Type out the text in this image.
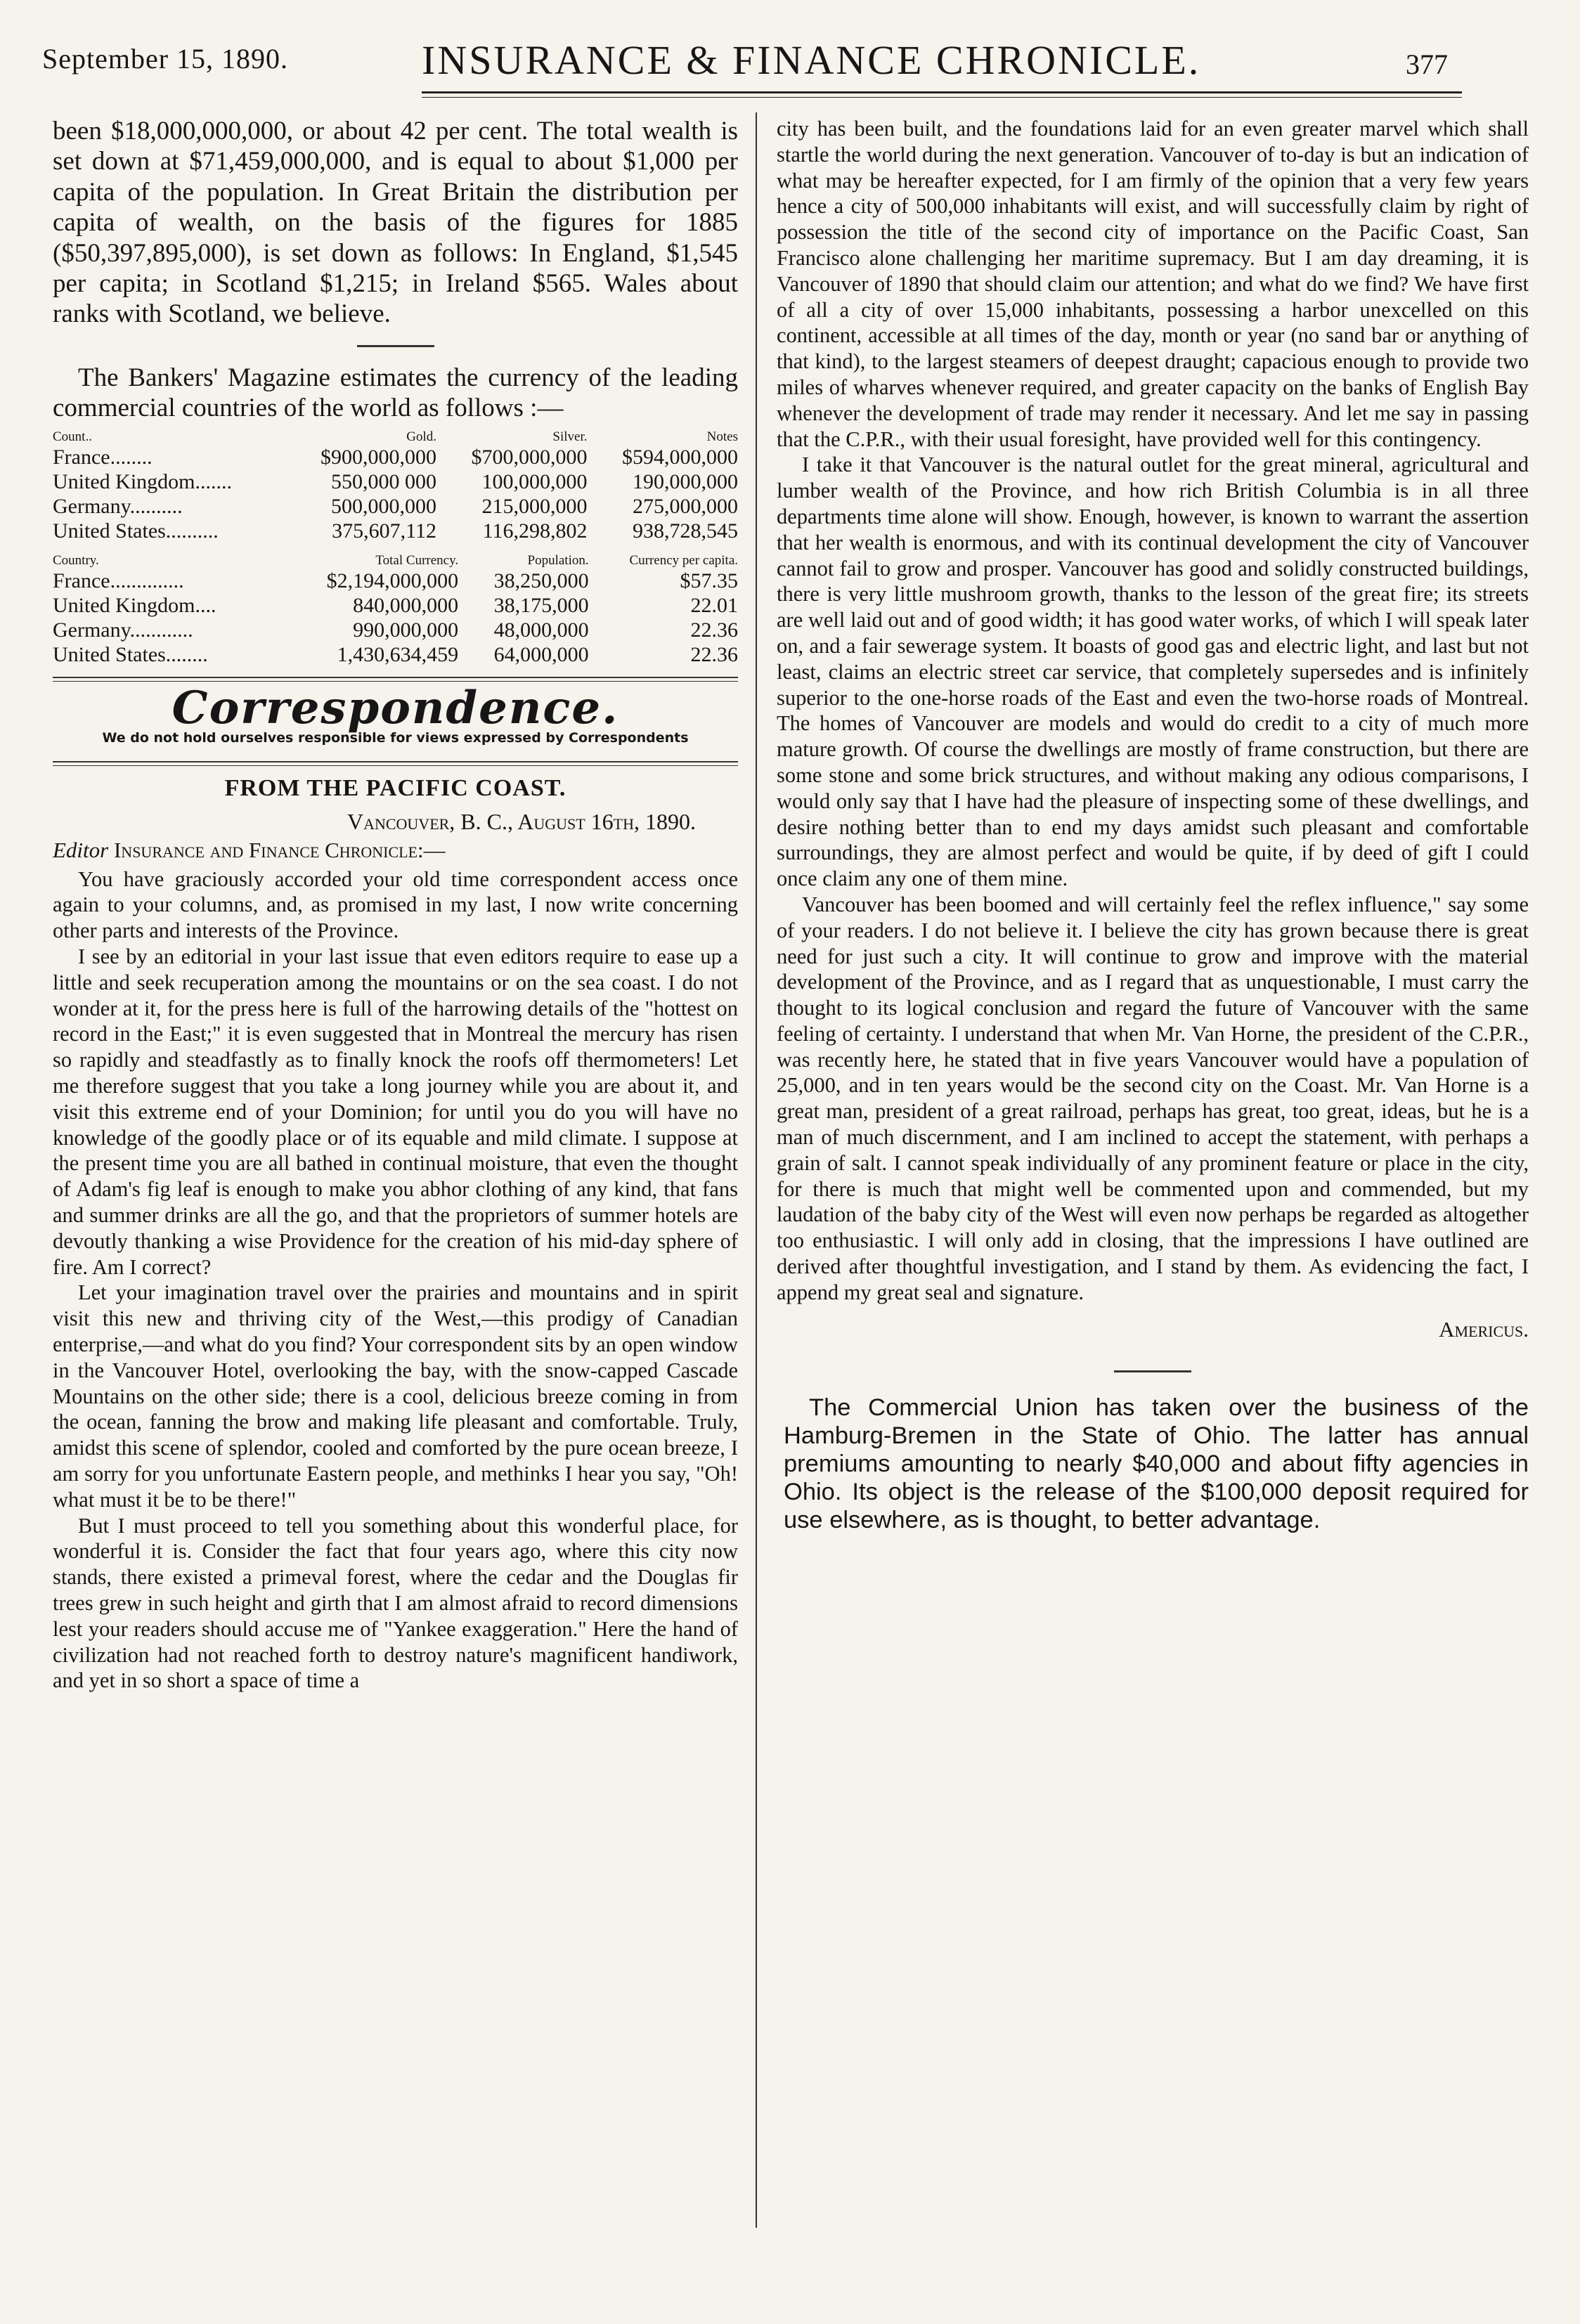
September 15, 1890.	INSURANCE & FINANCE CHRONICLE.	377

been $18,000,000,000, or about 42 per cent. The total wealth is set down at $71,459,000,000, and is equal to about $1,000 per capita of the population. In Great Britain the distribution per capita of wealth, on the basis of the figures for 1885 ($50,397,895,000), is set down as follows: In England, $1,545 per capita; in Scotland $1,215; in Ireland $565. Wales about ranks with Scotland, we believe.

The Bankers' Magazine estimates the currency of the leading commercial countries of the world as follows :—

Count..	Gold.	Silver.	Notes
France........	$900,000,000	$700,000,000	$594,000,000
United Kingdom.......	550,000 000	100,000,000	190,000,000
Germany..........	500,000,000	215,000,000	275,000,000
United States..........	375,607,112	116,298,802	938,728,545
Country.	Total Currency.	Population.	Currency per capita.
France..............	$2,194,000,000	38,250,000	$57.35
United Kingdom....	840,000,000	38,175,000	22.01
Germany............	990,000,000	48,000,000	22.36
United States........	1,430,634,459	64,000,000	22.36
Correspondence.
We do not hold ourselves responsible for views expressed by Correspondents
FROM THE PACIFIC COAST.
Vancouver, B. C., August 16th, 1890.
Editor Insurance and Finance Chronicle:—

You have graciously accorded your old time correspondent access once again to your columns, and, as promised in my last, I now write concerning other parts and interests of the Province.

I see by an editorial in your last issue that even editors require to ease up a little and seek recuperation among the mountains or on the sea coast. I do not wonder at it, for the press here is full of the harrowing details of the "hottest on record in the East;" it is even suggested that in Montreal the mercury has risen so rapidly and steadfastly as to finally knock the roofs off thermometers! Let me therefore suggest that you take a long journey while you are about it, and visit this extreme end of your Dominion; for until you do you will have no knowledge of the goodly place or of its equable and mild climate. I suppose at the present time you are all bathed in continual moisture, that even the thought of Adam's fig leaf is enough to make you abhor clothing of any kind, that fans and summer drinks are all the go, and that the proprietors of summer hotels are devoutly thanking a wise Providence for the creation of his mid-day sphere of fire. Am I correct?

Let your imagination travel over the prairies and mountains and in spirit visit this new and thriving city of the West,—this prodigy of Canadian enterprise,—and what do you find? Your correspondent sits by an open window in the Vancouver Hotel, overlooking the bay, with the snow-capped Cascade Mountains on the other side; there is a cool, delicious breeze coming in from the ocean, fanning the brow and making life pleasant and comfortable. Truly, amidst this scene of splendor, cooled and comforted by the pure ocean breeze, I am sorry for you unfortunate Eastern people, and methinks I hear you say, "Oh! what must it be to be there!"

But I must proceed to tell you something about this wonderful place, for wonderful it is. Consider the fact that four years ago, where this city now stands, there existed a primeval forest, where the cedar and the Douglas fir trees grew in such height and girth that I am almost afraid to record dimensions lest your readers should accuse me of "Yankee exaggeration." Here the hand of civilization had not reached forth to destroy nature's magnificent handiwork, and yet in so short a space of time a

city has been built, and the foundations laid for an even greater marvel which shall startle the world during the next generation. Vancouver of to-day is but an indication of what may be hereafter expected, for I am firmly of the opinion that a very few years hence a city of 500,000 inhabitants will exist, and will successfully claim by right of possession the title of the second city of importance on the Pacific Coast, San Francisco alone challenging her maritime supremacy. But I am day dreaming, it is Vancouver of 1890 that should claim our attention; and what do we find? We have first of all a city of over 15,000 inhabitants, possessing a harbor unexcelled on this continent, accessible at all times of the day, month or year (no sand bar or anything of that kind), to the largest steamers of deepest draught; capacious enough to provide two miles of wharves whenever required, and greater capacity on the banks of English Bay whenever the development of trade may render it necessary. And let me say in passing that the C.P.R., with their usual foresight, have provided well for this contingency.

I take it that Vancouver is the natural outlet for the great mineral, agricultural and lumber wealth of the Province, and how rich British Columbia is in all three departments time alone will show. Enough, however, is known to warrant the assertion that her wealth is enormous, and with its continual development the city of Vancouver cannot fail to grow and prosper. Vancouver has good and solidly constructed buildings, there is very little mushroom growth, thanks to the lesson of the great fire; its streets are well laid out and of good width; it has good water works, of which I will speak later on, and a fair sewerage system. It boasts of good gas and electric light, and last but not least, claims an electric street car service, that completely supersedes and is infinitely superior to the one-horse roads of the East and even the two-horse roads of Montreal. The homes of Vancouver are models and would do credit to a city of much more mature growth. Of course the dwellings are mostly of frame construction, but there are some stone and some brick structures, and without making any odious comparisons, I would only say that I have had the pleasure of inspecting some of these dwellings, and desire nothing better than to end my days amidst such pleasant and comfortable surroundings, they are almost perfect and would be quite, if by deed of gift I could once claim any one of them mine.

Vancouver has been boomed and will certainly feel the reflex influence," say some of your readers. I do not believe it. I believe the city has grown because there is great need for just such a city. It will continue to grow and improve with the material development of the Province, and as I regard that as unquestionable, I must carry the thought to its logical conclusion and regard the future of Vancouver with the same feeling of certainty. I understand that when Mr. Van Horne, the president of the C.P.R., was recently here, he stated that in five years Vancouver would have a population of 25,000, and in ten years would be the second city on the Coast. Mr. Van Horne is a great man, president of a great railroad, perhaps has great, too great, ideas, but he is a man of much discernment, and I am inclined to accept the statement, with perhaps a grain of salt. I cannot speak individually of any prominent feature or place in the city, for there is much that might well be commented upon and commended, but my laudation of the baby city of the West will even now perhaps be regarded as altogether too enthusiastic. I will only add in closing, that the impressions I have outlined are derived after thoughtful investigation, and I stand by them. As evidencing the fact, I append my great seal and signature.

Americus.

The Commercial Union has taken over the business of the Hamburg-Bremen in the State of Ohio. The latter has annual premiums amounting to nearly $40,000 and about fifty agencies in Ohio. Its object is the release of the $100,000 deposit required for use elsewhere, as is thought, to better advantage.
